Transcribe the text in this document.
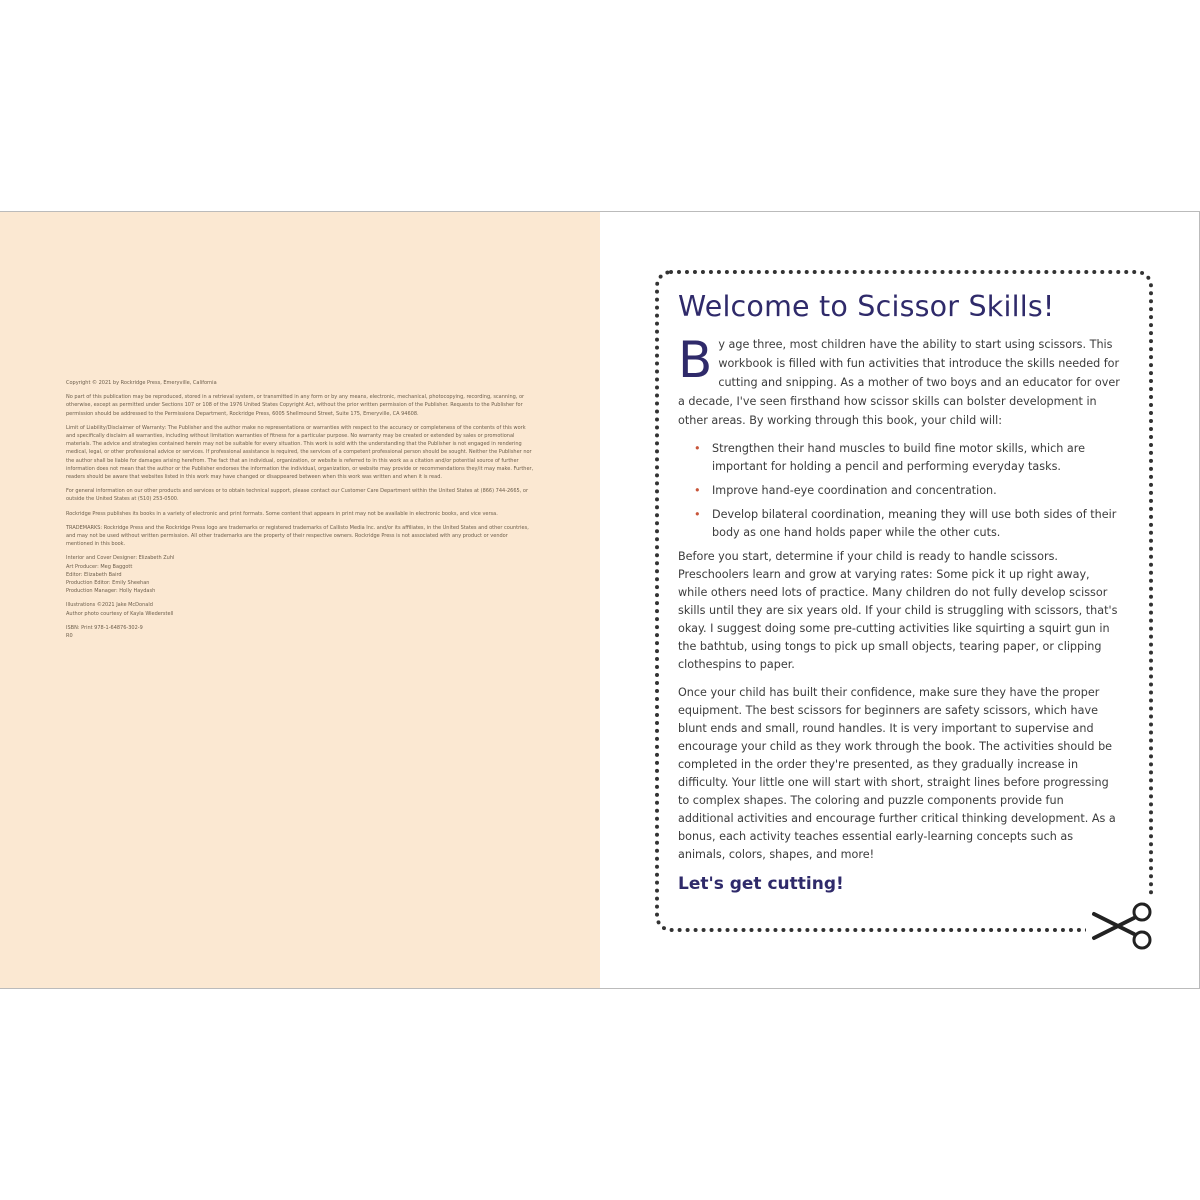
Copyright © 2021 by Rockridge Press, Emeryville, California

No part of this publication may be reproduced, stored in a retrieval system, or transmitted in any form or by any means, electronic, mechanical, photocopying, recording, scanning, or otherwise, except as permitted under Sections 107 or 108 of the 1976 United States Copyright Act, without the prior written permission of the Publisher. Requests to the Publisher for permission should be addressed to the Permissions Department, Rockridge Press, 6005 Shellmound Street, Suite 175, Emeryville, CA 94608.

Limit of Liability/Disclaimer of Warranty: The Publisher and the author make no representations or warranties with respect to the accuracy or completeness of the contents of this work and specifically disclaim all warranties, including without limitation warranties of fitness for a particular purpose. No warranty may be created or extended by sales or promotional materials. The advice and strategies contained herein may not be suitable for every situation. This work is sold with the understanding that the Publisher is not engaged in rendering medical, legal, or other professional advice or services. If professional assistance is required, the services of a competent professional person should be sought. Neither the Publisher nor the author shall be liable for damages arising herefrom. The fact that an individual, organization, or website is referred to in this work as a citation and/or potential source of further information does not mean that the author or the Publisher endorses the information the individual, organization, or website may provide or recommendations they/it may make. Further, readers should be aware that websites listed in this work may have changed or disappeared between when this work was written and when it is read.

For general information on our other products and services or to obtain technical support, please contact our Customer Care Department within the United States at (866) 744-2665, or outside the United States at (510) 253-0500.

Rockridge Press publishes its books in a variety of electronic and print formats. Some content that appears in print may not be available in electronic books, and vice versa.

TRADEMARKS: Rockridge Press and the Rockridge Press logo are trademarks or registered trademarks of Callisto Media Inc. and/or its affiliates, in the United States and other countries, and may not be used without written permission. All other trademarks are the property of their respective owners. Rockridge Press is not associated with any product or vendor mentioned in this book.

Interior and Cover Designer: Elizabeth Zuhl
Art Producer: Meg Baggott
Editor: Elizabeth Baird
Production Editor: Emily Sheehan
Production Manager: Holly Haydash

Illustrations ©2021 Jake McDonald
Author photo courtesy of Kayla Wiederstell

ISBN: Print 978-1-64876-302-9
R0

Welcome to Scissor Skills!

By age three, most children have the ability to start using scissors. This workbook is filled with fun activities that introduce the skills needed for cutting and snipping. As a mother of two boys and an educator for over a decade, I've seen firsthand how scissor skills can bolster development in other areas. By working through this book, your child will:

• Strengthen their hand muscles to build fine motor skills, which are important for holding a pencil and performing everyday tasks.
• Improve hand-eye coordination and concentration.
• Develop bilateral coordination, meaning they will use both sides of their body as one hand holds paper while the other cuts.

Before you start, determine if your child is ready to handle scissors. Preschoolers learn and grow at varying rates: Some pick it up right away, while others need lots of practice. Many children do not fully develop scissor skills until they are six years old. If your child is struggling with scissors, that's okay. I suggest doing some pre-cutting activities like squirting a squirt gun in the bathtub, using tongs to pick up small objects, tearing paper, or clipping clothespins to paper.

Once your child has built their confidence, make sure they have the proper equipment. The best scissors for beginners are safety scissors, which have blunt ends and small, round handles. It is very important to supervise and encourage your child as they work through the book. The activities should be completed in the order they're presented, as they gradually increase in difficulty. Your little one will start with short, straight lines before progressing to complex shapes. The coloring and puzzle components provide fun additional activities and encourage further critical thinking development. As a bonus, each activity teaches essential early-learning concepts such as animals, colors, shapes, and more!

Let's get cutting!
